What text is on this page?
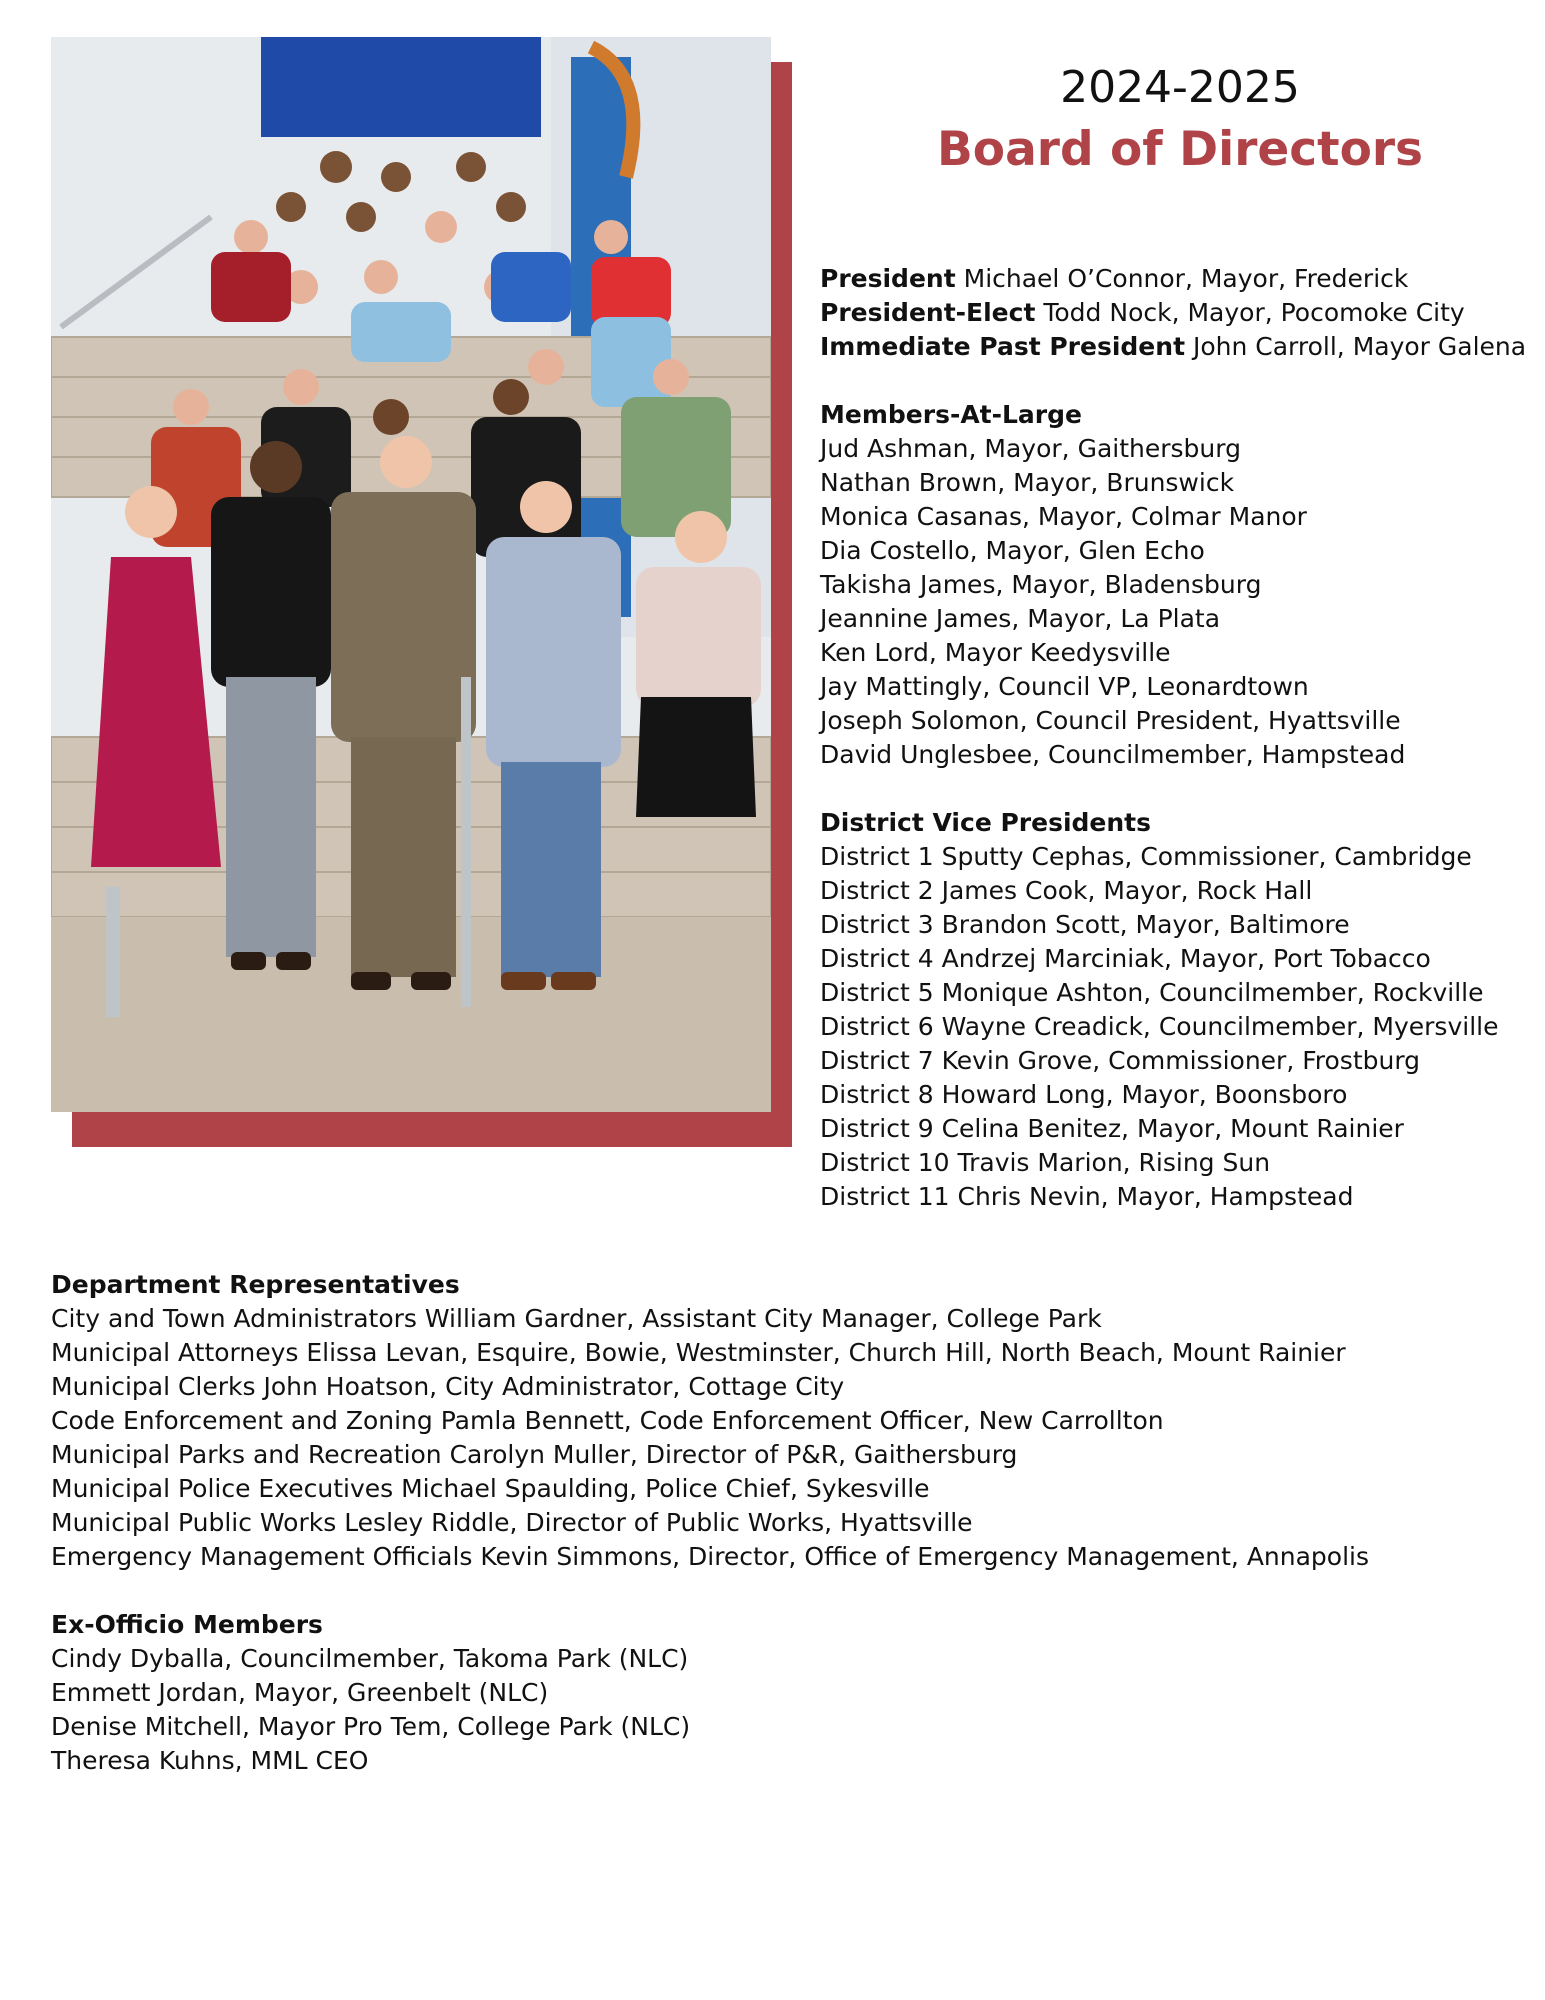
2024-2025
Board of Directors
President Michael O’Connor, Mayor, Frederick
President-Elect Todd Nock, Mayor, Pocomoke City
Immediate Past President John Carroll, Mayor Galena
Members-At-Large
Jud Ashman, Mayor, Gaithersburg
Nathan Brown, Mayor, Brunswick
Monica Casanas, Mayor, Colmar Manor
Dia Costello, Mayor, Glen Echo
Takisha James, Mayor, Bladensburg
Jeannine James, Mayor, La Plata
Ken Lord, Mayor Keedysville
Jay Mattingly, Council VP, Leonardtown
Joseph Solomon, Council President, Hyattsville
David Unglesbee, Councilmember, Hampstead
District Vice Presidents
District 1 Sputty Cephas, Commissioner, Cambridge
District 2 James Cook, Mayor, Rock Hall
District 3 Brandon Scott, Mayor, Baltimore
District 4 Andrzej Marciniak, Mayor, Port Tobacco
District 5 Monique Ashton, Councilmember, Rockville
District 6 Wayne Creadick, Councilmember, Myersville
District 7 Kevin Grove, Commissioner, Frostburg
District 8 Howard Long, Mayor, Boonsboro
District 9 Celina Benitez, Mayor, Mount Rainier
District 10 Travis Marion, Rising Sun
District 11 Chris Nevin, Mayor, Hampstead
Department Representatives
City and Town Administrators William Gardner, Assistant City Manager, College Park
Municipal Attorneys Elissa Levan, Esquire, Bowie, Westminster, Church Hill, North Beach, Mount Rainier
Municipal Clerks John Hoatson, City Administrator, Cottage City
Code Enforcement and Zoning Pamla Bennett, Code Enforcement Officer, New Carrollton
Municipal Parks and Recreation Carolyn Muller, Director of P&R, Gaithersburg
Municipal Police Executives Michael Spaulding, Police Chief, Sykesville
Municipal Public Works Lesley Riddle, Director of Public Works, Hyattsville
Emergency Management Officials Kevin Simmons, Director, Office of Emergency Management, Annapolis
Ex-Officio Members
Cindy Dyballa, Councilmember, Takoma Park (NLC)
Emmett Jordan, Mayor, Greenbelt (NLC)
Denise Mitchell, Mayor Pro Tem, College Park (NLC)
Theresa Kuhns, MML CEO
